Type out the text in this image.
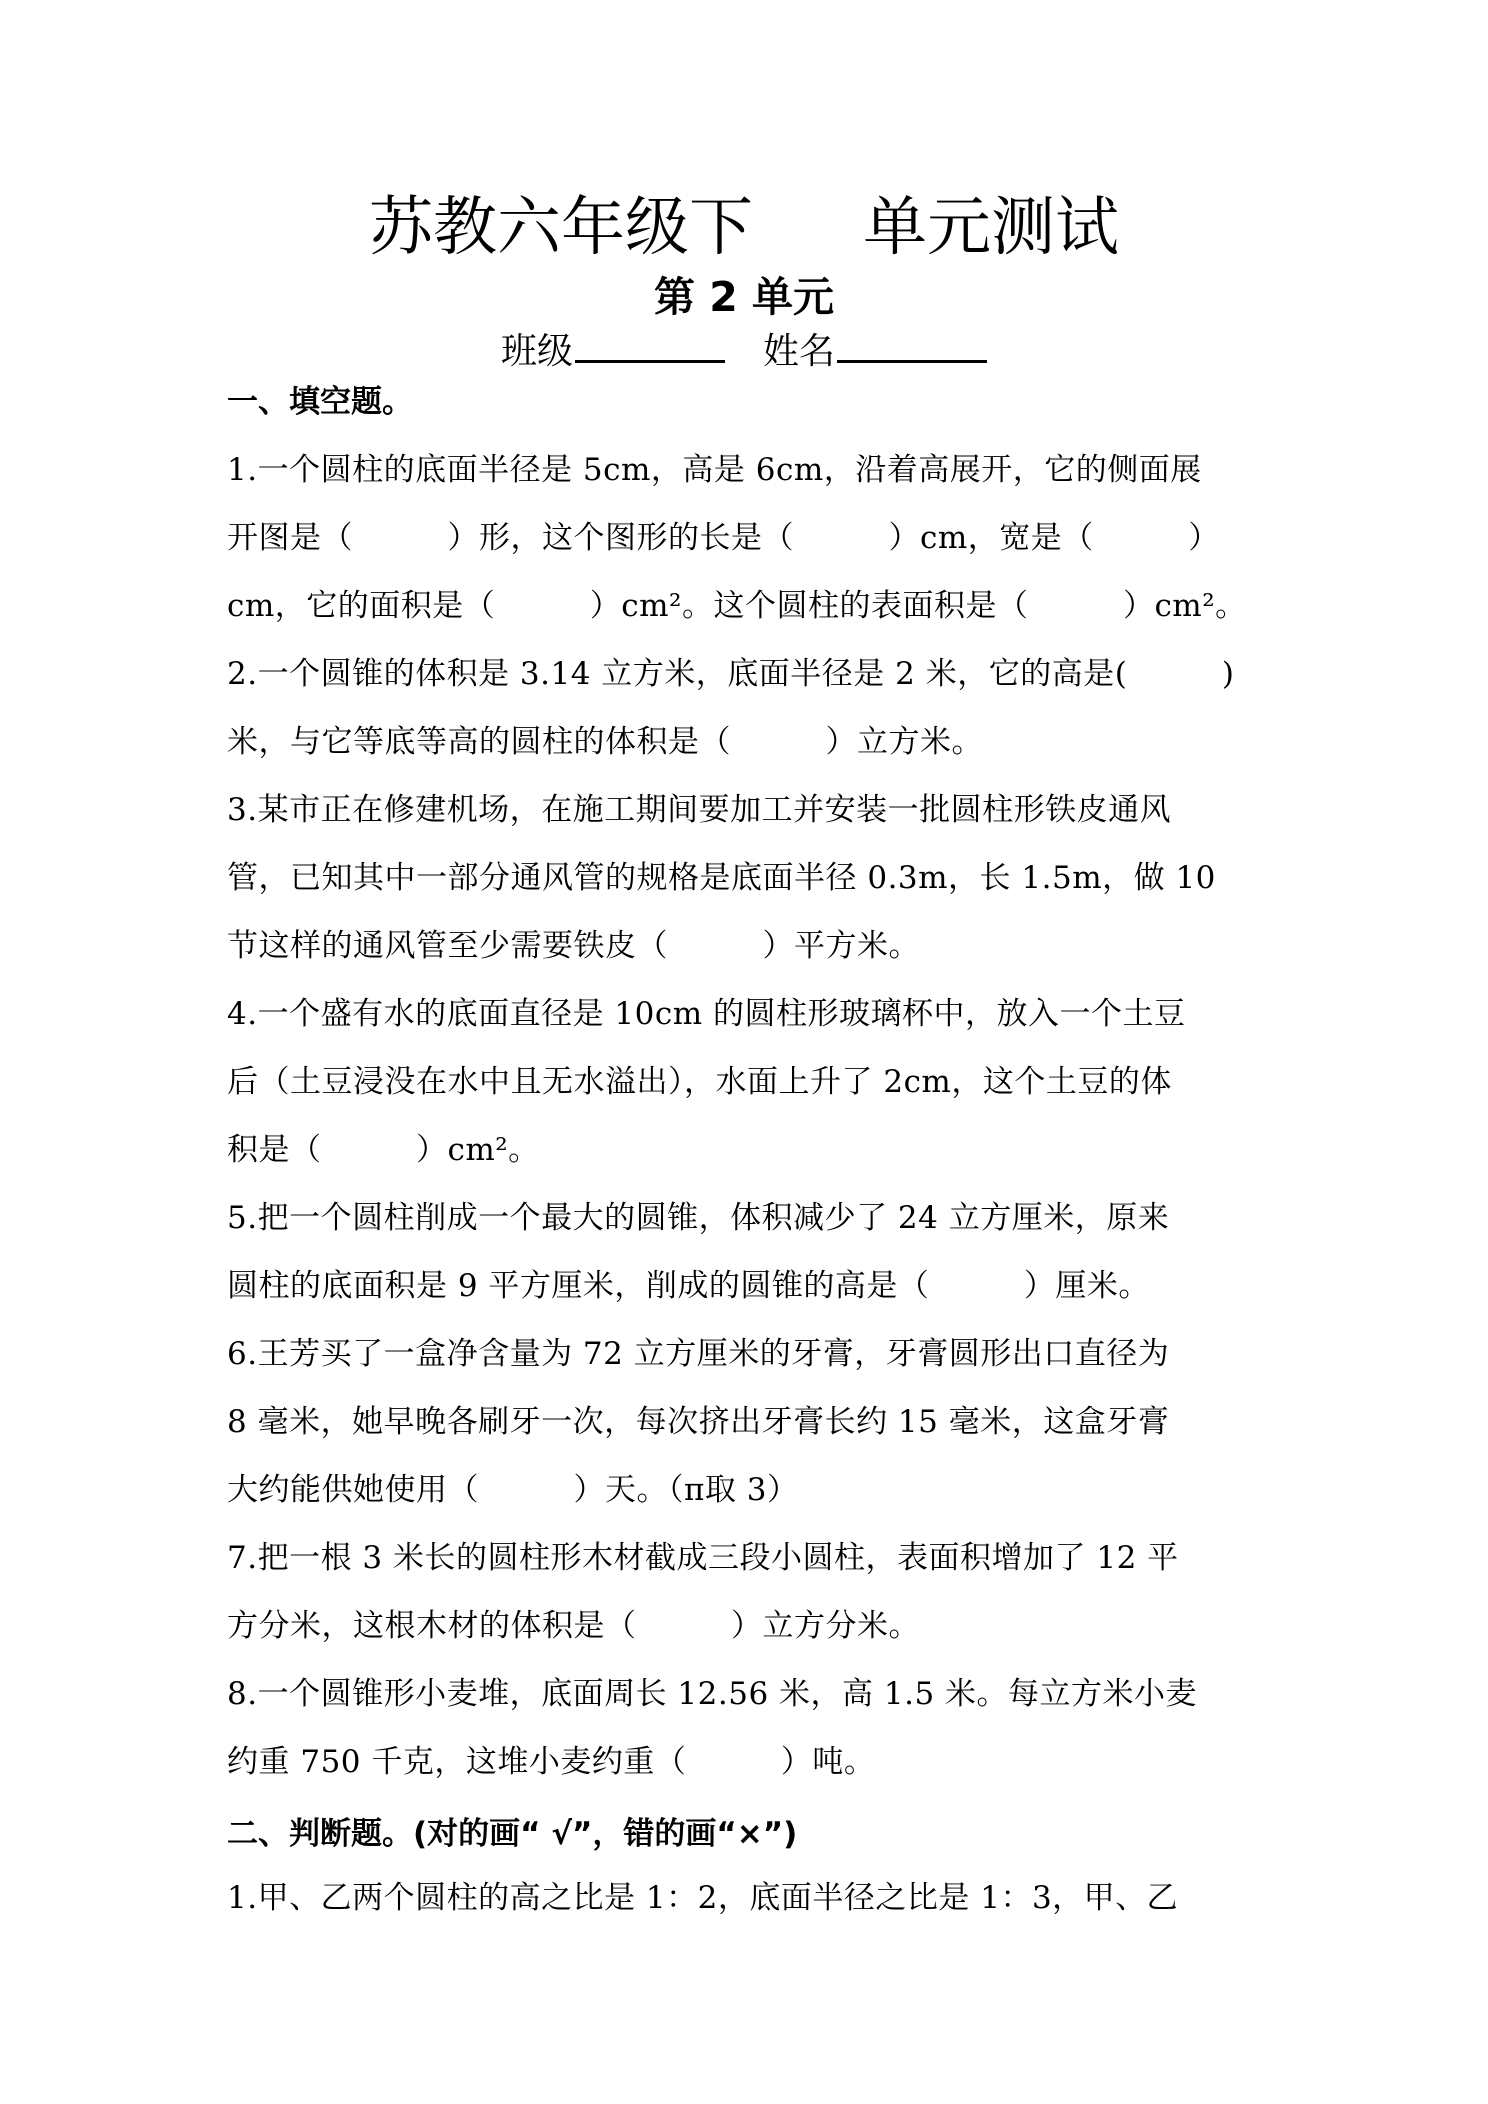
苏教六年级下 单元测试
第 2 单元
班级	姓名
一、填空题。
1.一个圆柱的底面半径是 5cm，高是 6cm，沿着高展开，它的侧面展
开图是（　　　）形，这个图形的长是（　　　）cm，宽是（　　　）
cm，它的面积是（　　　）cm²。这个圆柱的表面积是（　　　）cm²。
2.一个圆锥的体积是 3.14 立方米，底面半径是 2 米，它的高是(　　　)
米，与它等底等高的圆柱的体积是（　　　）立方米。
3.某市正在修建机场，在施工期间要加工并安装一批圆柱形铁皮通风
管，已知其中一部分通风管的规格是底面半径 0.3m，长 1.5m，做 10
节这样的通风管至少需要铁皮（　　　）平方米。
4.一个盛有水的底面直径是 10cm 的圆柱形玻璃杯中，放入一个土豆
后（土豆浸没在水中且无水溢出），水面上升了 2cm，这个土豆的体
积是（　　　）cm²。
5.把一个圆柱削成一个最大的圆锥，体积减少了 24 立方厘米，原来
圆柱的底面积是 9 平方厘米，削成的圆锥的高是（　　　）厘米。
6.王芳买了一盒净含量为 72 立方厘米的牙膏，牙膏圆形出口直径为
8 毫米，她早晚各刷牙一次，每次挤出牙膏长约 15 毫米，这盒牙膏
大约能供她使用（　　　）天。（π取 3）
7.把一根 3 米长的圆柱形木材截成三段小圆柱，表面积增加了 12 平
方分米，这根木材的体积是（　　　）立方分米。
8.一个圆锥形小麦堆，底面周长 12.56 米，高 1.5 米。每立方米小麦
约重 750 千克，这堆小麦约重（　　　）吨。
二、判断题。(对的画“ √”，错的画“×”)
1.甲、乙两个圆柱的高之比是 1：2，底面半径之比是 1：3，甲、乙
